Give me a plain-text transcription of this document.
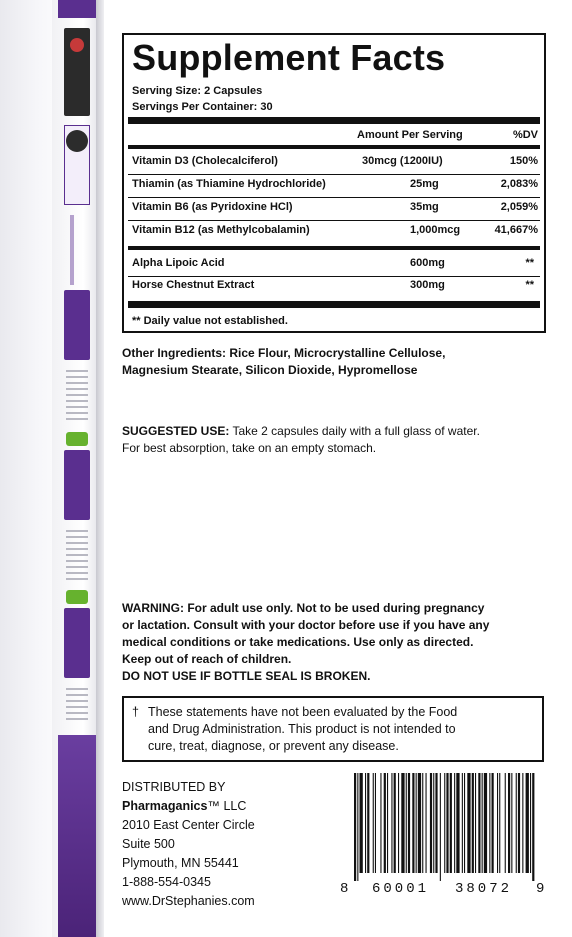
Supplement Facts
Serving Size: 2 Capsules
Servings Per Container: 30
Amount Per Serving	%DV
Vitamin D3 (Cholecalciferol)	30mcg (1200IU)	150%
Thiamin (as Thiamine Hydrochloride)	25mg	2,083%
Vitamin B6 (as Pyridoxine HCl)	35mg	2,059%
Vitamin B12 (as Methylcobalamin)	1,000mcg	41,667%
Alpha Lipoic Acid	600mg	**
Horse Chestnut Extract	300mg	**
** Daily value not established.
Other Ingredients: Rice Flour, Microcrystalline Cellulose,
Magnesium Stearate, Silicon Dioxide, Hypromellose
SUGGESTED USE: Take 2 capsules daily with a full glass of water.
For best absorption, take on an empty stomach.
WARNING: For adult use only. Not to be used during pregnancy
or lactation. Consult with your doctor before use if you have any
medical conditions or take medications. Use only as directed.
Keep out of reach of children.
DO NOT USE IF BOTTLE SEAL IS BROKEN.
† These statements have not been evaluated by the Food
and Drug Administration. This product is not intended to
cure, treat, diagnose, or prevent any disease.
DISTRIBUTED BY
Pharmaganics™ LLC
2010 East Center Circle
Suite 500
Plymouth, MN 55441
1-888-554-0345
www.DrStephanies.com
8 60001 38072 9
